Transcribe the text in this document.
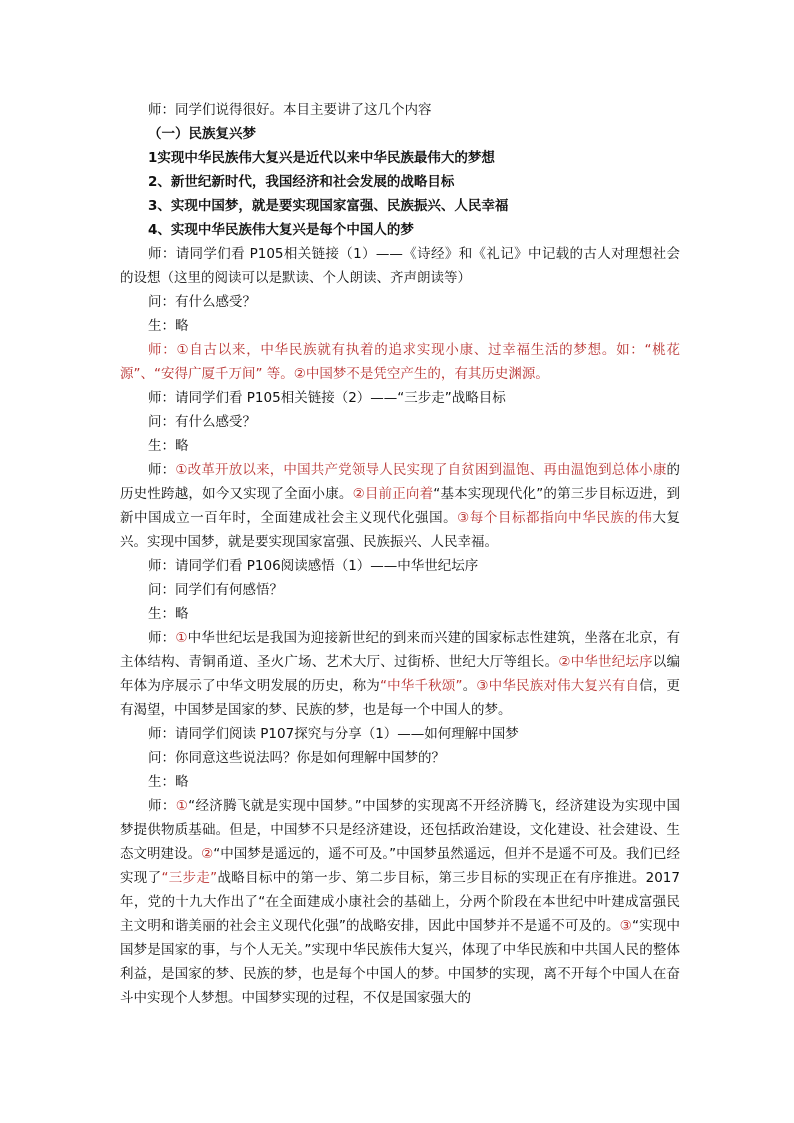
师：同学们说得很好。本目主要讲了这几个内容

（一）民族复兴梦

1实现中华民族伟大复兴是近代以来中华民族最伟大的梦想

2、新世纪新时代，我国经济和社会发展的战略目标

3、实现中国梦，就是要实现国家富强、民族振兴、人民幸福

4、实现中华民族伟大复兴是每个中国人的梦

师：请同学们看 P105相关链接（1）——《诗经》和《礼记》中记载的古人对理想社会的设想（这里的阅读可以是默读、个人朗读、齐声朗读等）

问：有什么感受？

生：略

师：①自古以来，中华民族就有执着的追求实现小康、过幸福生活的梦想。如：“桃花源”、“安得广厦千万间” 等。②中国梦不是凭空产生的，有其历史渊源。

师：请同学们看 P105相关链接（2）——“三步走”战略目标

问：有什么感受？

生：略

师：①改革开放以来，中国共产党领导人民实现了自贫困到温饱、再由温饱到总体小康的历史性跨越，如今又实现了全面小康。②目前正向着“基本实现现代化”的第三步目标迈进，到新中国成立一百年时，全面建成社会主义现代化强国。③每个目标都指向中华民族的伟大复兴。实现中国梦，就是要实现国家富强、民族振兴、人民幸福。

师：请同学们看 P106阅读感悟（1）——中华世纪坛序

问：同学们有何感悟？

生：略

师：①中华世纪坛是我国为迎接新世纪的到来而兴建的国家标志性建筑，坐落在北京，有主体结构、青铜甬道、圣火广场、艺术大厅、过街桥、世纪大厅等组长。②中华世纪坛序以编年体为序展示了中华文明发展的历史，称为“中华千秋颂”。③中华民族对伟大复兴有自信，更有渴望，中国梦是国家的梦、民族的梦，也是每一个中国人的梦。

师：请同学们阅读 P107探究与分享（1）——如何理解中国梦

问：你同意这些说法吗？你是如何理解中国梦的？

生：略

师：①“经济腾飞就是实现中国梦。”中国梦的实现离不开经济腾飞，经济建设为实现中国梦提供物质基础。但是，中国梦不只是经济建设，还包括政治建设，文化建设、社会建设、生态文明建设。②“中国梦是遥远的，遥不可及。”中国梦虽然遥远，但并不是遥不可及。我们已经实现了“三步走”战略目标中的第一步、第二步目标，第三步目标的实现正在有序推进。2017年，党的十九大作出了“在全面建成小康社会的基础上，分两个阶段在本世纪中叶建成富强民主文明和谐美丽的社会主义现代化强”的战略安排，因此中国梦并不是遥不可及的。③“实现中国梦是国家的事，与个人无关。”实现中华民族伟大复兴，体现了中华民族和中共国人民的整体利益，是国家的梦、民族的梦，也是每个中国人的梦。中国梦的实现，离不开每个中国人在奋斗中实现个人梦想。中国梦实现的过程，不仅是国家强大的
